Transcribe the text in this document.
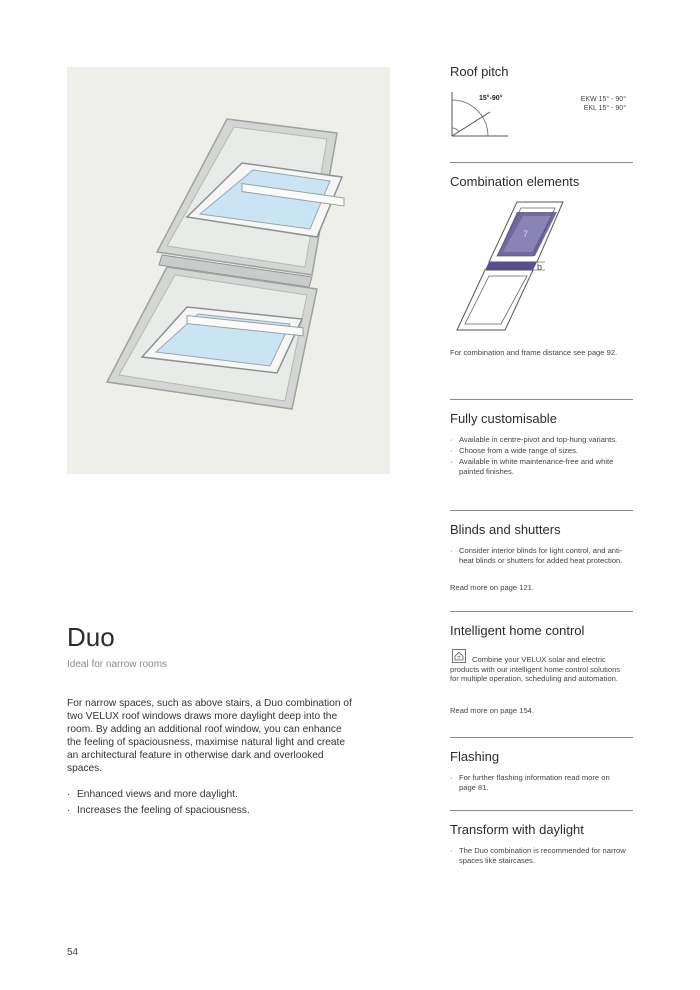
Duo
Ideal for narrow rooms
For narrow spaces, such as above stairs, a Duo combination of two VELUX roof windows draws more daylight deep into the room. By adding an additional roof window, you can enhance the feeling of spaciousness, maximise natural light and create an architectural feature in otherwise dark and overlooked spaces.
· Enhanced views and more daylight.
· Increases the feeling of spaciousness.
54
Roof pitch
15°-90°	EKW 15° - 90°
EKL 15° - 90°
Combination elements
7
b
For combination and frame distance see page 92.
Fully customisable
· Available in centre-pivot and top-hung variants.
· Choose from a wide range of sizes.
· Available in white maintenance-free and white painted finishes.
Blinds and shutters
· Consider interior blinds for light control, and anti-heat blinds or shutters for added heat protection.
Read more on page 121.
Intelligent home control
Combine your VELUX solar and electric products with our intelligent home control solutions for multiple operation, scheduling and automation.
Read more on page 154.
Flashing
· For further flashing information read more on page 81.
Transform with daylight
· The Duo combination is recommended for narrow spaces like staircases.
